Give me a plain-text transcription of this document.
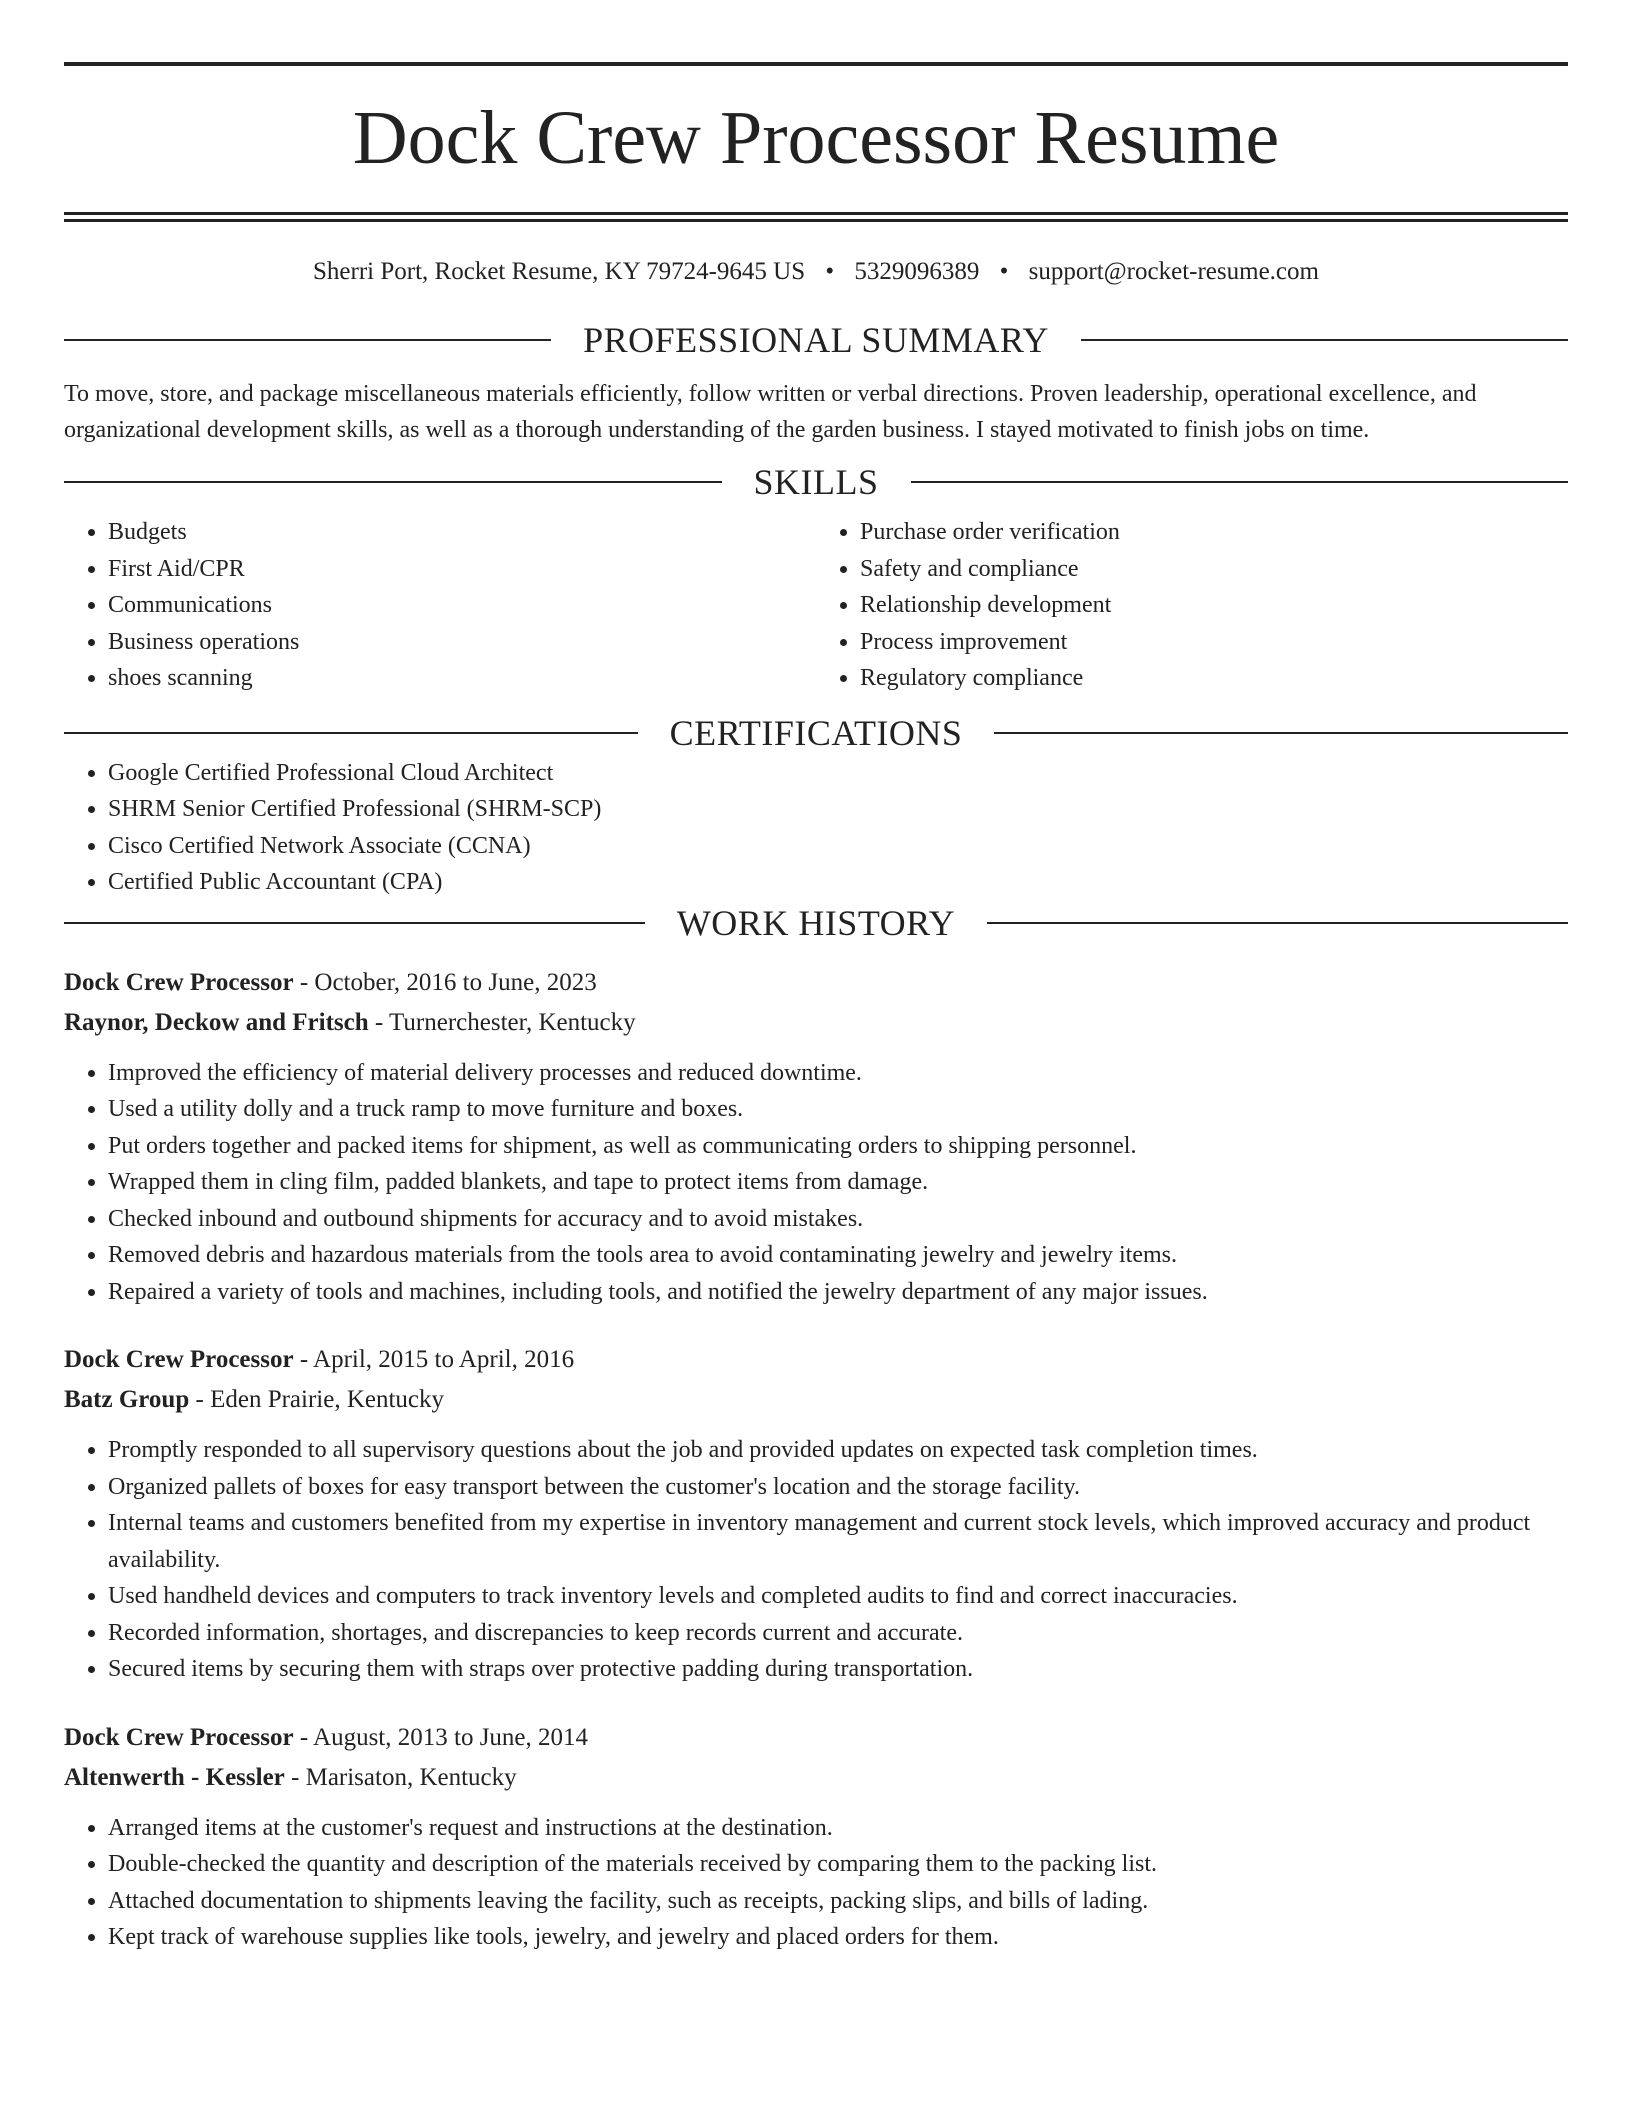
Dock Crew Processor Resume
Sherri Port, Rocket Resume, KY 79724-9645 US • 5329096389 • support@rocket-resume.com
PROFESSIONAL SUMMARY

To move, store, and package miscellaneous materials efficiently, follow written or verbal directions. Proven leadership, operational excellence, and organizational development skills, as well as a thorough understanding of the garden business. I stayed motivated to finish jobs on time.

SKILLS
• Budgets
• First Aid/CPR
• Communications
• Business operations
• shoes scanning
• Purchase order verification
• Safety and compliance
• Relationship development
• Process improvement
• Regulatory compliance
CERTIFICATIONS
• Google Certified Professional Cloud Architect
• SHRM Senior Certified Professional (SHRM-SCP)
• Cisco Certified Network Associate (CCNA)
• Certified Public Accountant (CPA)
WORK HISTORY
Dock Crew Processor - October, 2016 to June, 2023
Raynor, Deckow and Fritsch - Turnerchester, Kentucky
• Improved the efficiency of material delivery processes and reduced downtime.
• Used a utility dolly and a truck ramp to move furniture and boxes.
• Put orders together and packed items for shipment, as well as communicating orders to shipping personnel.
• Wrapped them in cling film, padded blankets, and tape to protect items from damage.
• Checked inbound and outbound shipments for accuracy and to avoid mistakes.
• Removed debris and hazardous materials from the tools area to avoid contaminating jewelry and jewelry items.
• Repaired a variety of tools and machines, including tools, and notified the jewelry department of any major issues.
Dock Crew Processor - April, 2015 to April, 2016
Batz Group - Eden Prairie, Kentucky
• Promptly responded to all supervisory questions about the job and provided updates on expected task completion times.
• Organized pallets of boxes for easy transport between the customer's location and the storage facility.
• Internal teams and customers benefited from my expertise in inventory management and current stock levels, which improved accuracy and product availability.
• Used handheld devices and computers to track inventory levels and completed audits to find and correct inaccuracies.
• Recorded information, shortages, and discrepancies to keep records current and accurate.
• Secured items by securing them with straps over protective padding during transportation.
Dock Crew Processor - August, 2013 to June, 2014
Altenwerth - Kessler - Marisaton, Kentucky
• Arranged items at the customer's request and instructions at the destination.
• Double-checked the quantity and description of the materials received by comparing them to the packing list.
• Attached documentation to shipments leaving the facility, such as receipts, packing slips, and bills of lading.
• Kept track of warehouse supplies like tools, jewelry, and jewelry and placed orders for them.
